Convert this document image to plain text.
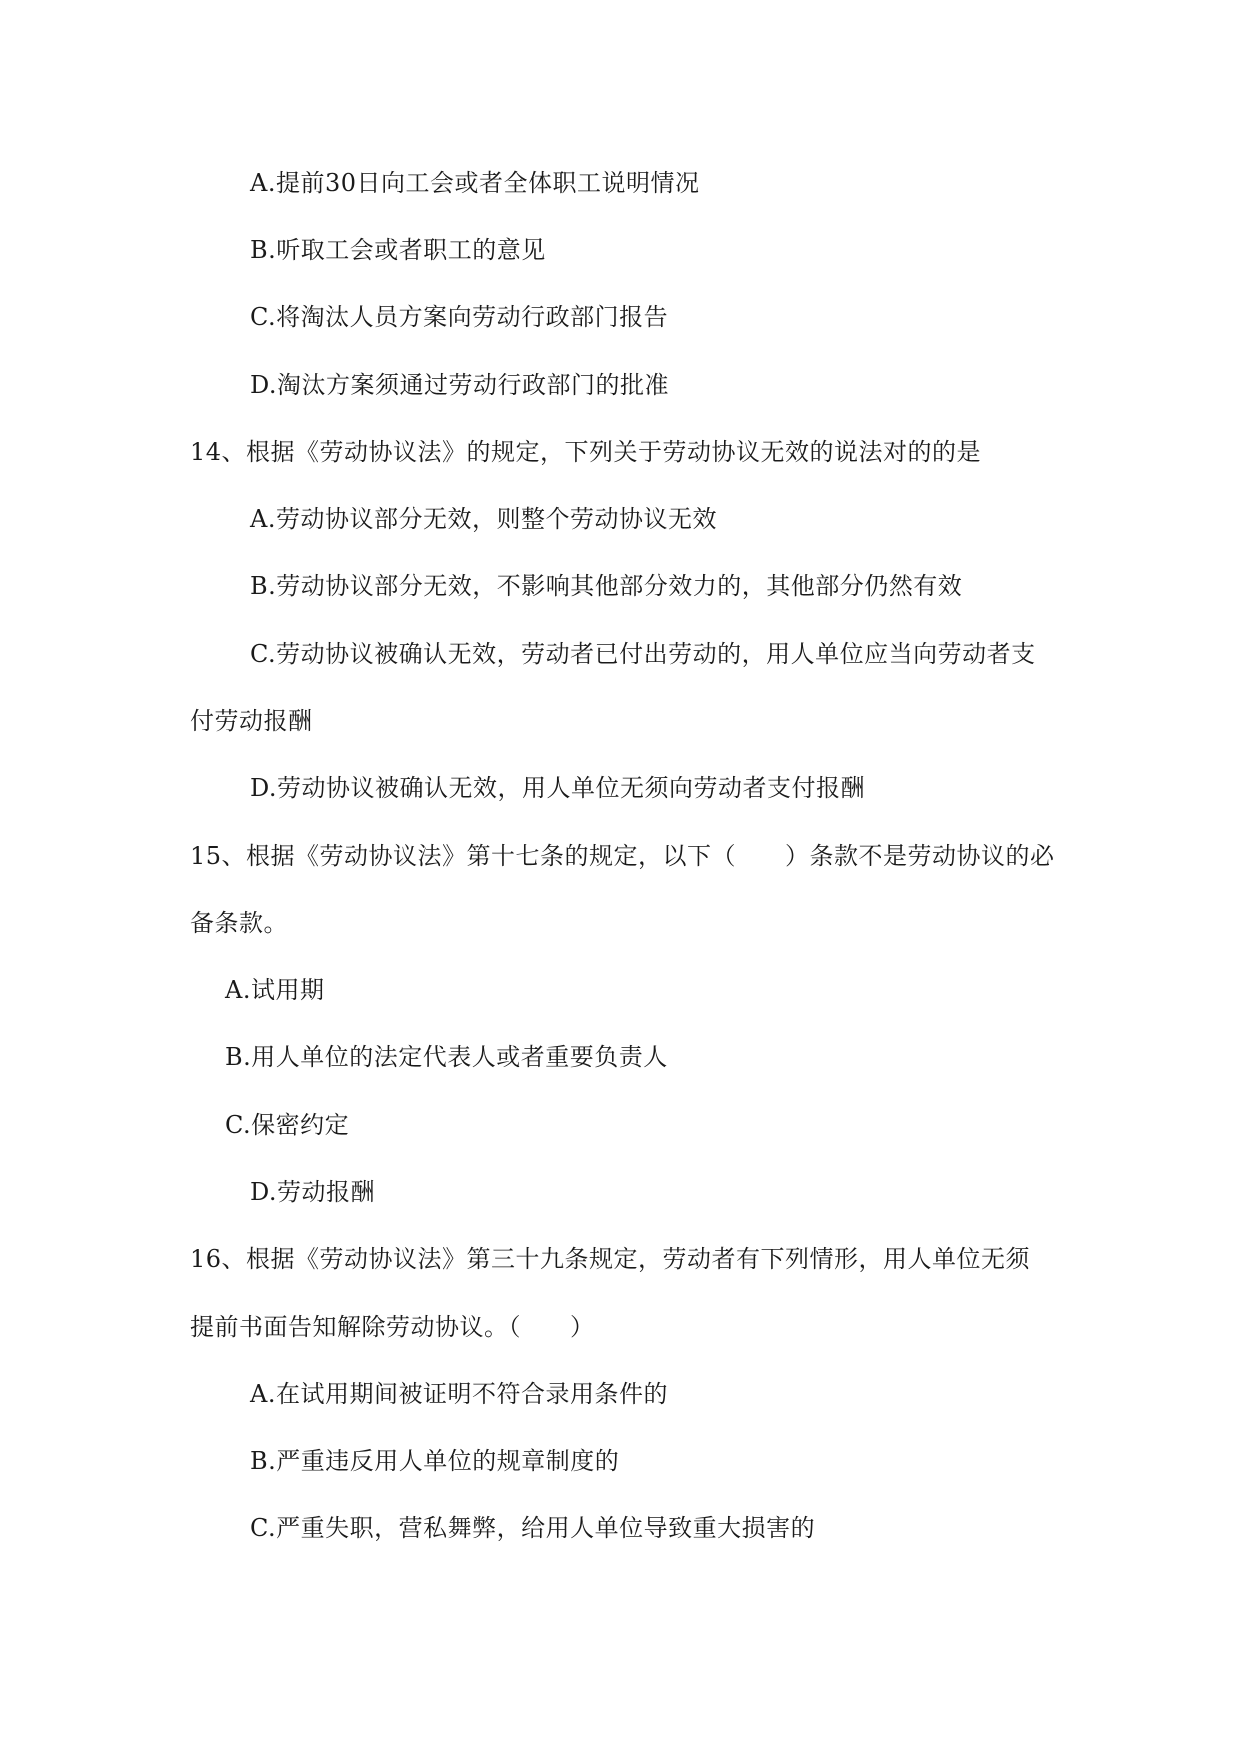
A.提前30日向工会或者全体职工说明情况
B.听取工会或者职工的意见
C.将淘汰人员方案向劳动行政部门报告
D.淘汰方案须通过劳动行政部门的批准
14、根据《劳动协议法》的规定，下列关于劳动协议无效的说法对的的是
A.劳动协议部分无效，则整个劳动协议无效
B.劳动协议部分无效，不影响其他部分效力的，其他部分仍然有效
C.劳动协议被确认无效，劳动者已付出劳动的，用人单位应当向劳动者支
付劳动报酬
D.劳动协议被确认无效，用人单位无须向劳动者支付报酬
15、根据《劳动协议法》第十七条的规定，以下（　　）条款不是劳动协议的必
备条款。
A.试用期
B.用人单位的法定代表人或者重要负责人
C.保密约定
D.劳动报酬
16、根据《劳动协议法》第三十九条规定，劳动者有下列情形，用人单位无须
提前书面告知解除劳动协议。（　　）
A.在试用期间被证明不符合录用条件的
B.严重违反用人单位的规章制度的
C.严重失职，营私舞弊，给用人单位导致重大损害的
